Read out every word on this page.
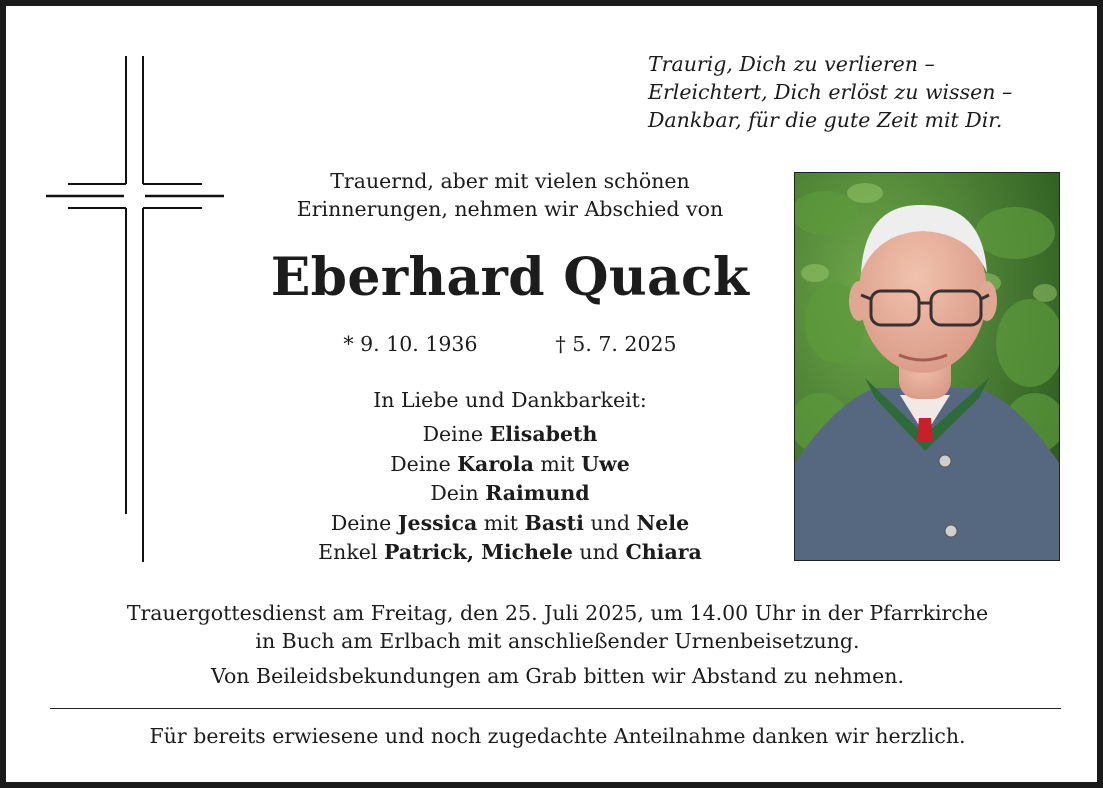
Traurig, Dich zu verlieren –
Erleichtert, Dich erlöst zu wissen –
Dankbar, für die gute Zeit mit Dir.
Trauernd, aber mit vielen schönen
Erinnerungen, nehmen wir Abschied von
Eberhard Quack
* 9. 10. 1936	† 5. 7. 2025
In Liebe und Dankbarkeit:
Deine Elisabeth
Deine Karola mit Uwe
Dein Raimund
Deine Jessica mit Basti und Nele
Enkel Patrick, Michele und Chiara
Trauergottesdienst am Freitag, den 25. Juli 2025, um 14.00 Uhr in der Pfarrkirche
in Buch am Erlbach mit anschließender Urnenbeisetzung.
Von Beileidsbekundungen am Grab bitten wir Abstand zu nehmen.
Für bereits erwiesene und noch zugedachte Anteilnahme danken wir herzlich.
